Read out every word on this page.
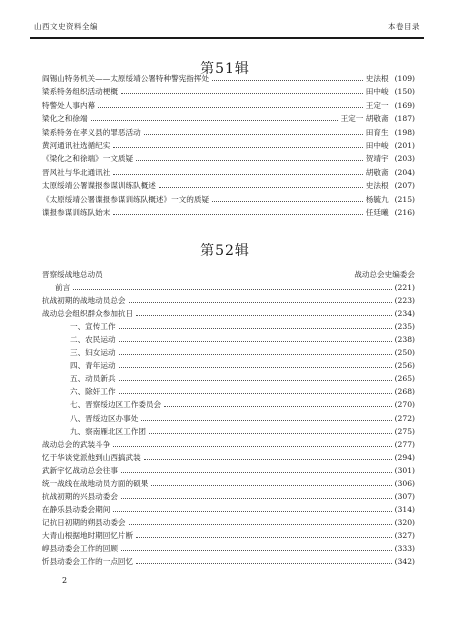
山西文史资料全编	本卷目录
第51辑
阎锡山特务机关——太原绥靖公署特种警宪指挥处	史法根 (109)
梁系特务组织活动梗概	田中峻 (150)
特警处人事内幕	王定一 (169)
梁化之和徐端	王定一 胡敬斋 (187)
梁系特务在孝义县的罪恶活动	田育生 (198)
黄河通讯社选循纪实	田中峻 (201)
《梁化之和徐端》一文质疑	贺靖宇 (203)
晋风社与华北通讯社	胡敬斋 (204)
太原绥靖公署谍报参谋训练队概述	史法根 (207)
《太原绥靖公署谍报参谋训练队概述》一文的质疑	杨毓九 (215)
谍报参谋训练队始末	任廷曦 (216)
第52辑
晋察绥战地总动员	战动总会史编委会
前言	(221)
抗战初期的战地动员总会	(223)
战动总会组织群众参加抗日	(234)
一、宣传工作	(235)
二、农民运动	(238)
三、妇女运动	(250)
四、青年运动	(256)
五、动员新兵	(265)
六、除奸工作	(268)
七、晋察绥边区工作委员会	(270)
八、晋绥边区办事处	(272)
九、察南雁北区工作团	(275)
战动总会的武装斗争	(277)
忆于华谈党派他到山西搞武装	(294)
武新宇忆战动总会往事	(301)
统一战线在战地动员方面的硕果	(306)
抗战初期的兴县动委会	(307)
在静乐县动委会期间	(314)
记抗日初期的朔县动委会	(320)
大青山根据地时期回忆片断	(327)
崞县动委会工作的回顾	(333)
忻县动委会工作的一点回忆	(342)
2
